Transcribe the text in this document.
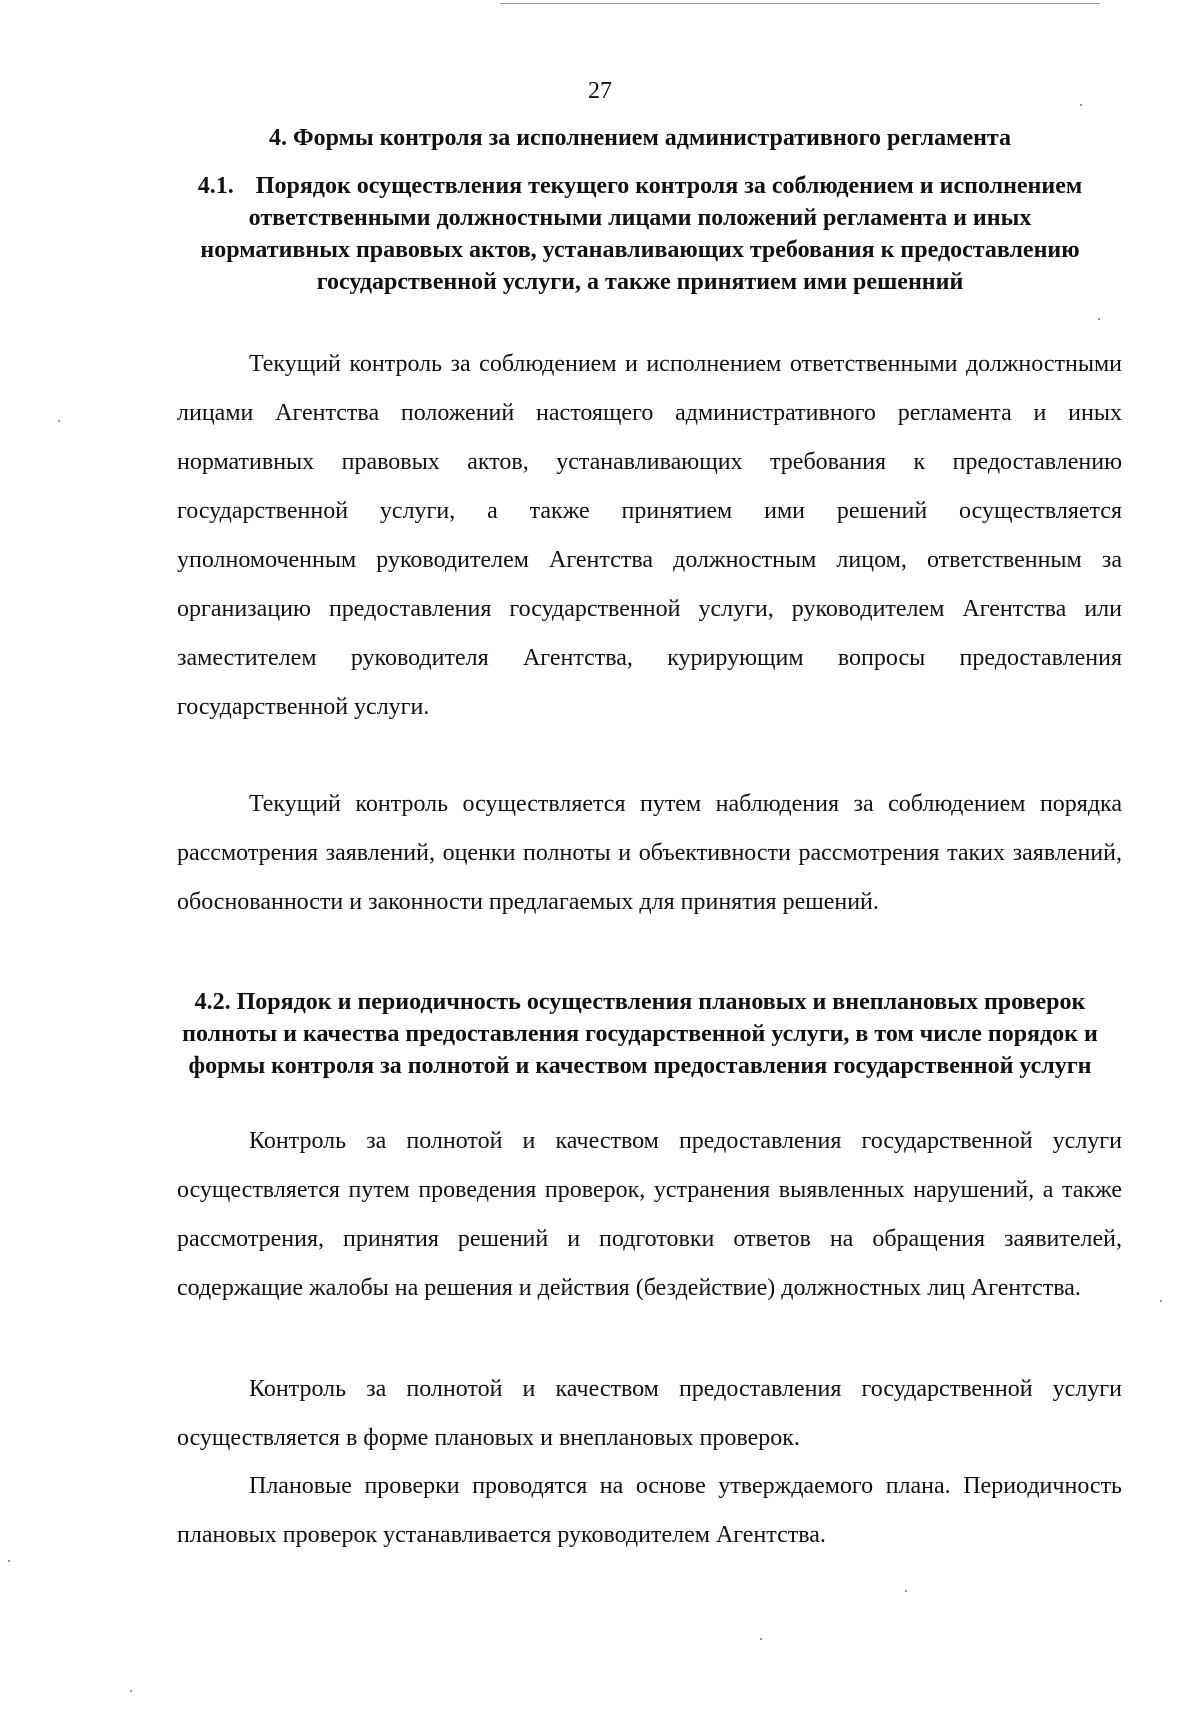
27
4. Формы контроля за исполнением административного регламента
4.1. Порядок осуществления текущего контроля за соблюдением и исполнением ответственными должностными лицами положений регламента и иных нормативных правовых актов, устанавливающих требования к предоставлению государственной услуги, а также принятием ими решенний

Текущий контроль за соблюдением и исполнением ответственными должностными лицами Агентства положений настоящего административного регламента и иных нормативных правовых актов, устанавливающих требования к предоставлению государственной услуги, а также принятием ими решений осуществляется уполномоченным руководителем Агентства должностным лицом, ответственным за организацию предоставления государственной услуги, руководителем Агентства или заместителем руководителя Агентства, курирующим вопросы предоставления государственной услуги.

Текущий контроль осуществляется путем наблюдения за соблюдением порядка рассмотрения заявлений, оценки полноты и объективности рассмотрения таких заявлений, обоснованности и законности предлагаемых для принятия решений.

4.2. Порядок и периодичность осуществления плановых и внеплановых проверок полноты и качества предоставления государственной услуги, в том числе порядок и формы контроля за полнотой и качеством предоставления государственной услугн

Контроль за полнотой и качеством предоставления государственной услуги осуществляется путем проведения проверок, устранения выявленных нарушений, а также рассмотрения, принятия решений и подготовки ответов на обращения заявителей, содержащие жалобы на решения и действия (бездействие) должностных лиц Агентства.

Контроль за полнотой и качеством предоставления государственной услуги осуществляется в форме плановых и внеплановых проверок.

Плановые проверки проводятся на основе утверждаемого плана. Периодичность плановых проверок устанавливается руководителем Агентства.
